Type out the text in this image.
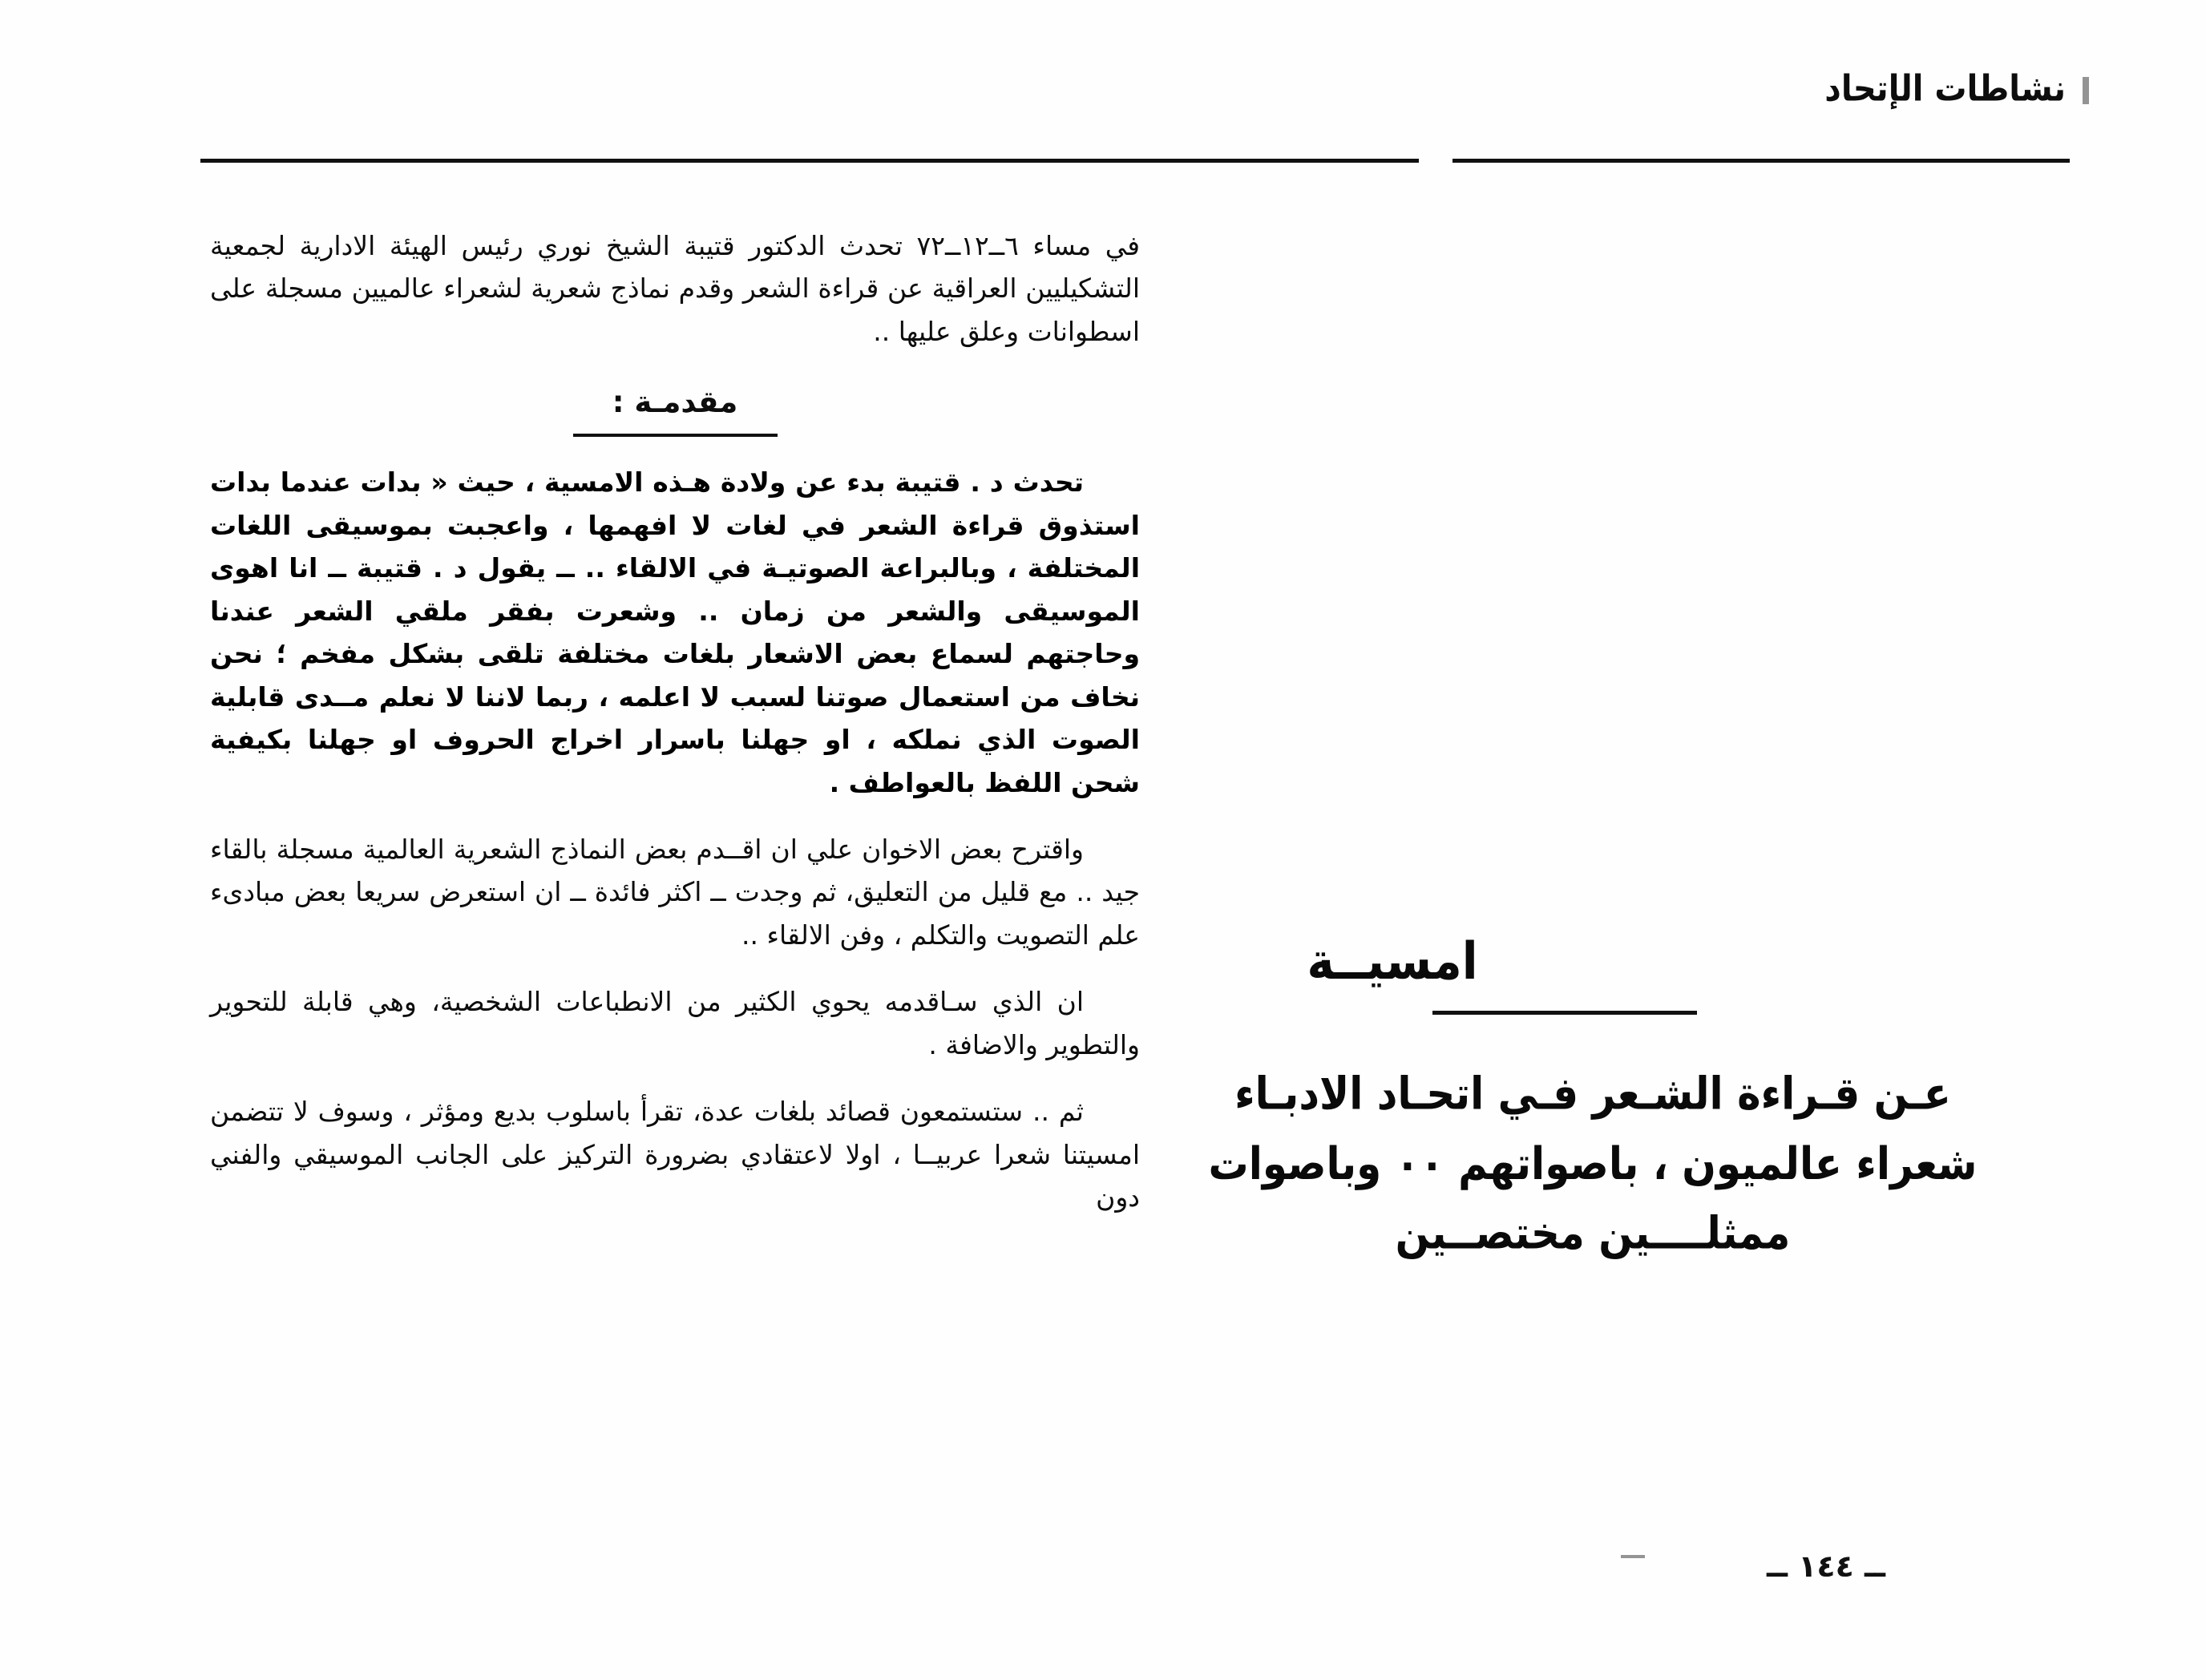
نشاطات الإتحاد
في مساء ٦ــ١٢ــ٧٢ تحدث الدكتور قتيبة الشيخ نوري رئيس الهيئة الادارية لجمعية التشكيليين العراقية عن قراءة الشعر وقدم نماذج شعرية لشعراء عالميين مسجلة على اسطوانات وعلق عليها ..
مقدمـة :
تحدث د . قتيبة بدء عن ولادة هـذه الامسية ، حيث « بدات عندما بدات استذوق قراءة الشعر في لغات لا افهمها ، واعجبت بموسيقى اللغات المختلفة ، وبالبراعة الصوتيـة في الالقاء .. ــ يقول د . قتيبة ــ انا اهوى الموسيقى والشعر من زمان .. وشعرت بفقر ملقي الشعر عندنا وحاجتهم لسماع بعض الاشعار بلغات مختلفة تلقى بشكل مفخم ؛ نحن نخاف من استعمال صوتنا لسبب لا اعلمه ، ربما لاننا لا نعلم مــدى قابلية الصوت الذي نملكه ، او جهلنا باسرار اخراج الحروف او جهلنا بكيفية شحن اللفظ بالعواطف .
واقترح بعض الاخوان علي ان اقــدم بعض النماذج الشعرية العالمية مسجلة بالقاء جيد .. مع قليل من التعليق، ثم وجدت ــ اكثر فائدة ــ ان استعرض سريعا بعض مبادىء علم التصويت والتكلم ، وفن الالقاء ..
ان الذي سـاقدمه يحوي الكثير من الانطباعات الشخصية، وهي قابلة للتحوير والتطوير والاضافة .
ثم .. ستستمعون قصائد بلغات عدة، تقرأ باسلوب بديع ومؤثر ، وسوف لا تتضمن امسيتنا شعرا عربيــا ، اولا لاعتقادي بضرورة التركيز على الجانب الموسيقي والفني دون
امسيــة
عـن قـراءة الشـعر فـي اتحـاد الادبـاء
شعراء عالميون ، باصواتهم ٠٠ وباصوات
ممثلــــين مختصــين
ــ ١٤٤ ــ
